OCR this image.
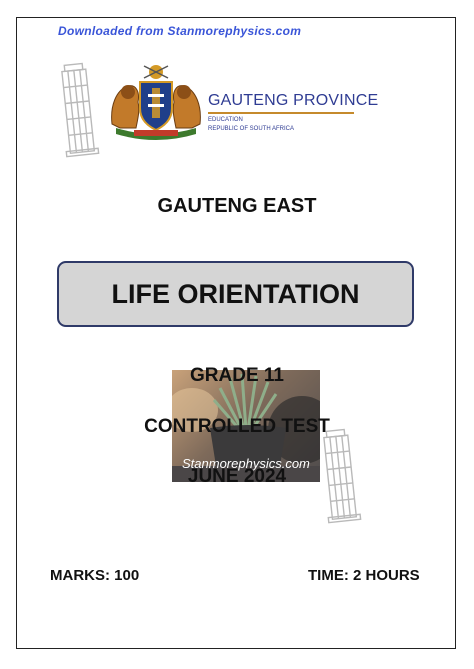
Downloaded from Stanmorephysics.com
GAUTENG PROVINCE
EDUCATION
REPUBLIC OF SOUTH AFRICA
GAUTENG EAST
LIFE ORIENTATION
Stanmorephysics.com
GRADE 11
CONTROLLED TEST
JUNE 2024
MARKS: 100	TIME: 2 HOURS
